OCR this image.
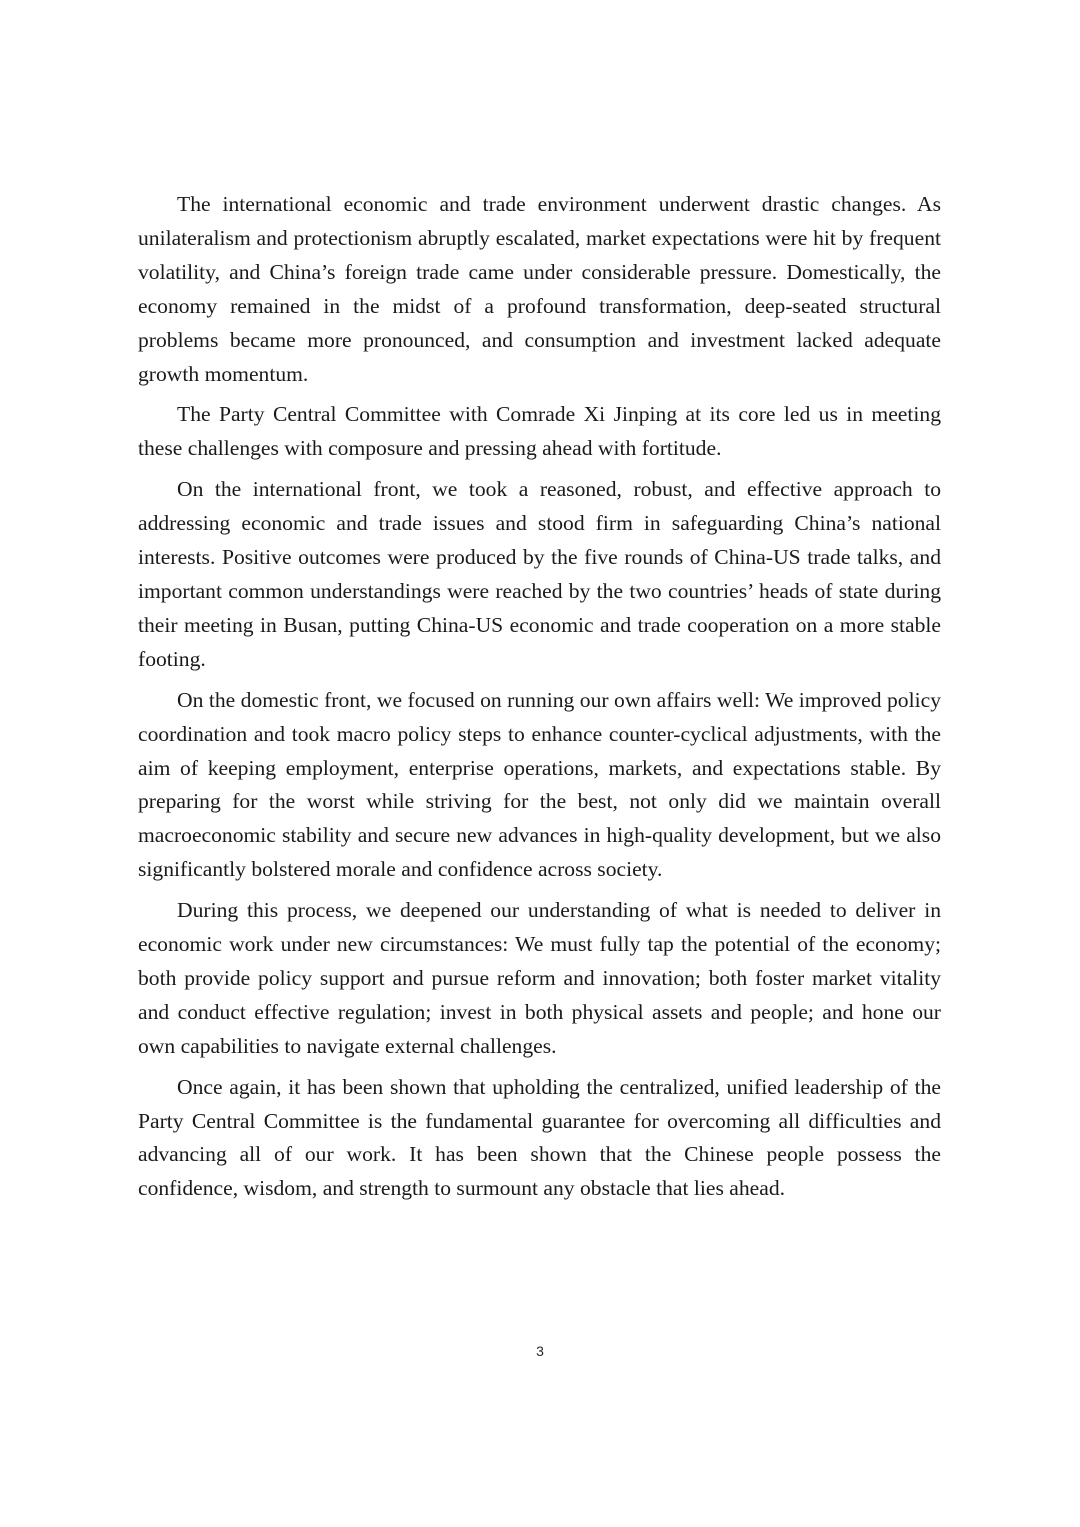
The international economic and trade environment underwent drastic changes. As unilateralism and protectionism abruptly escalated, market expectations were hit by frequent volatility, and China’s foreign trade came under considerable pressure. Domestically, the economy remained in the midst of a profound transformation, deep-seated structural problems became more pronounced, and consumption and investment lacked adequate growth momentum.

The Party Central Committee with Comrade Xi Jinping at its core led us in meeting these challenges with composure and pressing ahead with fortitude.

On the international front, we took a reasoned, robust, and effective approach to addressing economic and trade issues and stood firm in safeguarding China’s national interests. Positive outcomes were produced by the five rounds of China-US trade talks, and important common understandings were reached by the two countries’ heads of state during their meeting in Busan, putting China-US economic and trade cooperation on a more stable footing.

On the domestic front, we focused on running our own affairs well: We improved policy coordination and took macro policy steps to enhance counter-cyclical adjustments, with the aim of keeping employment, enterprise operations, markets, and expectations stable. By preparing for the worst while striving for the best, not only did we maintain overall macroeconomic stability and secure new advances in high-quality development, but we also significantly bolstered morale and confidence across society.

During this process, we deepened our understanding of what is needed to deliver in economic work under new circumstances: We must fully tap the potential of the economy; both provide policy support and pursue reform and innovation; both foster market vitality and conduct effective regulation; invest in both physical assets and people; and hone our own capabilities to navigate external challenges.

Once again, it has been shown that upholding the centralized, unified leadership of the Party Central Committee is the fundamental guarantee for overcoming all difficulties and advancing all of our work. It has been shown that the Chinese people possess the confidence, wisdom, and strength to surmount any obstacle that lies ahead.

3
